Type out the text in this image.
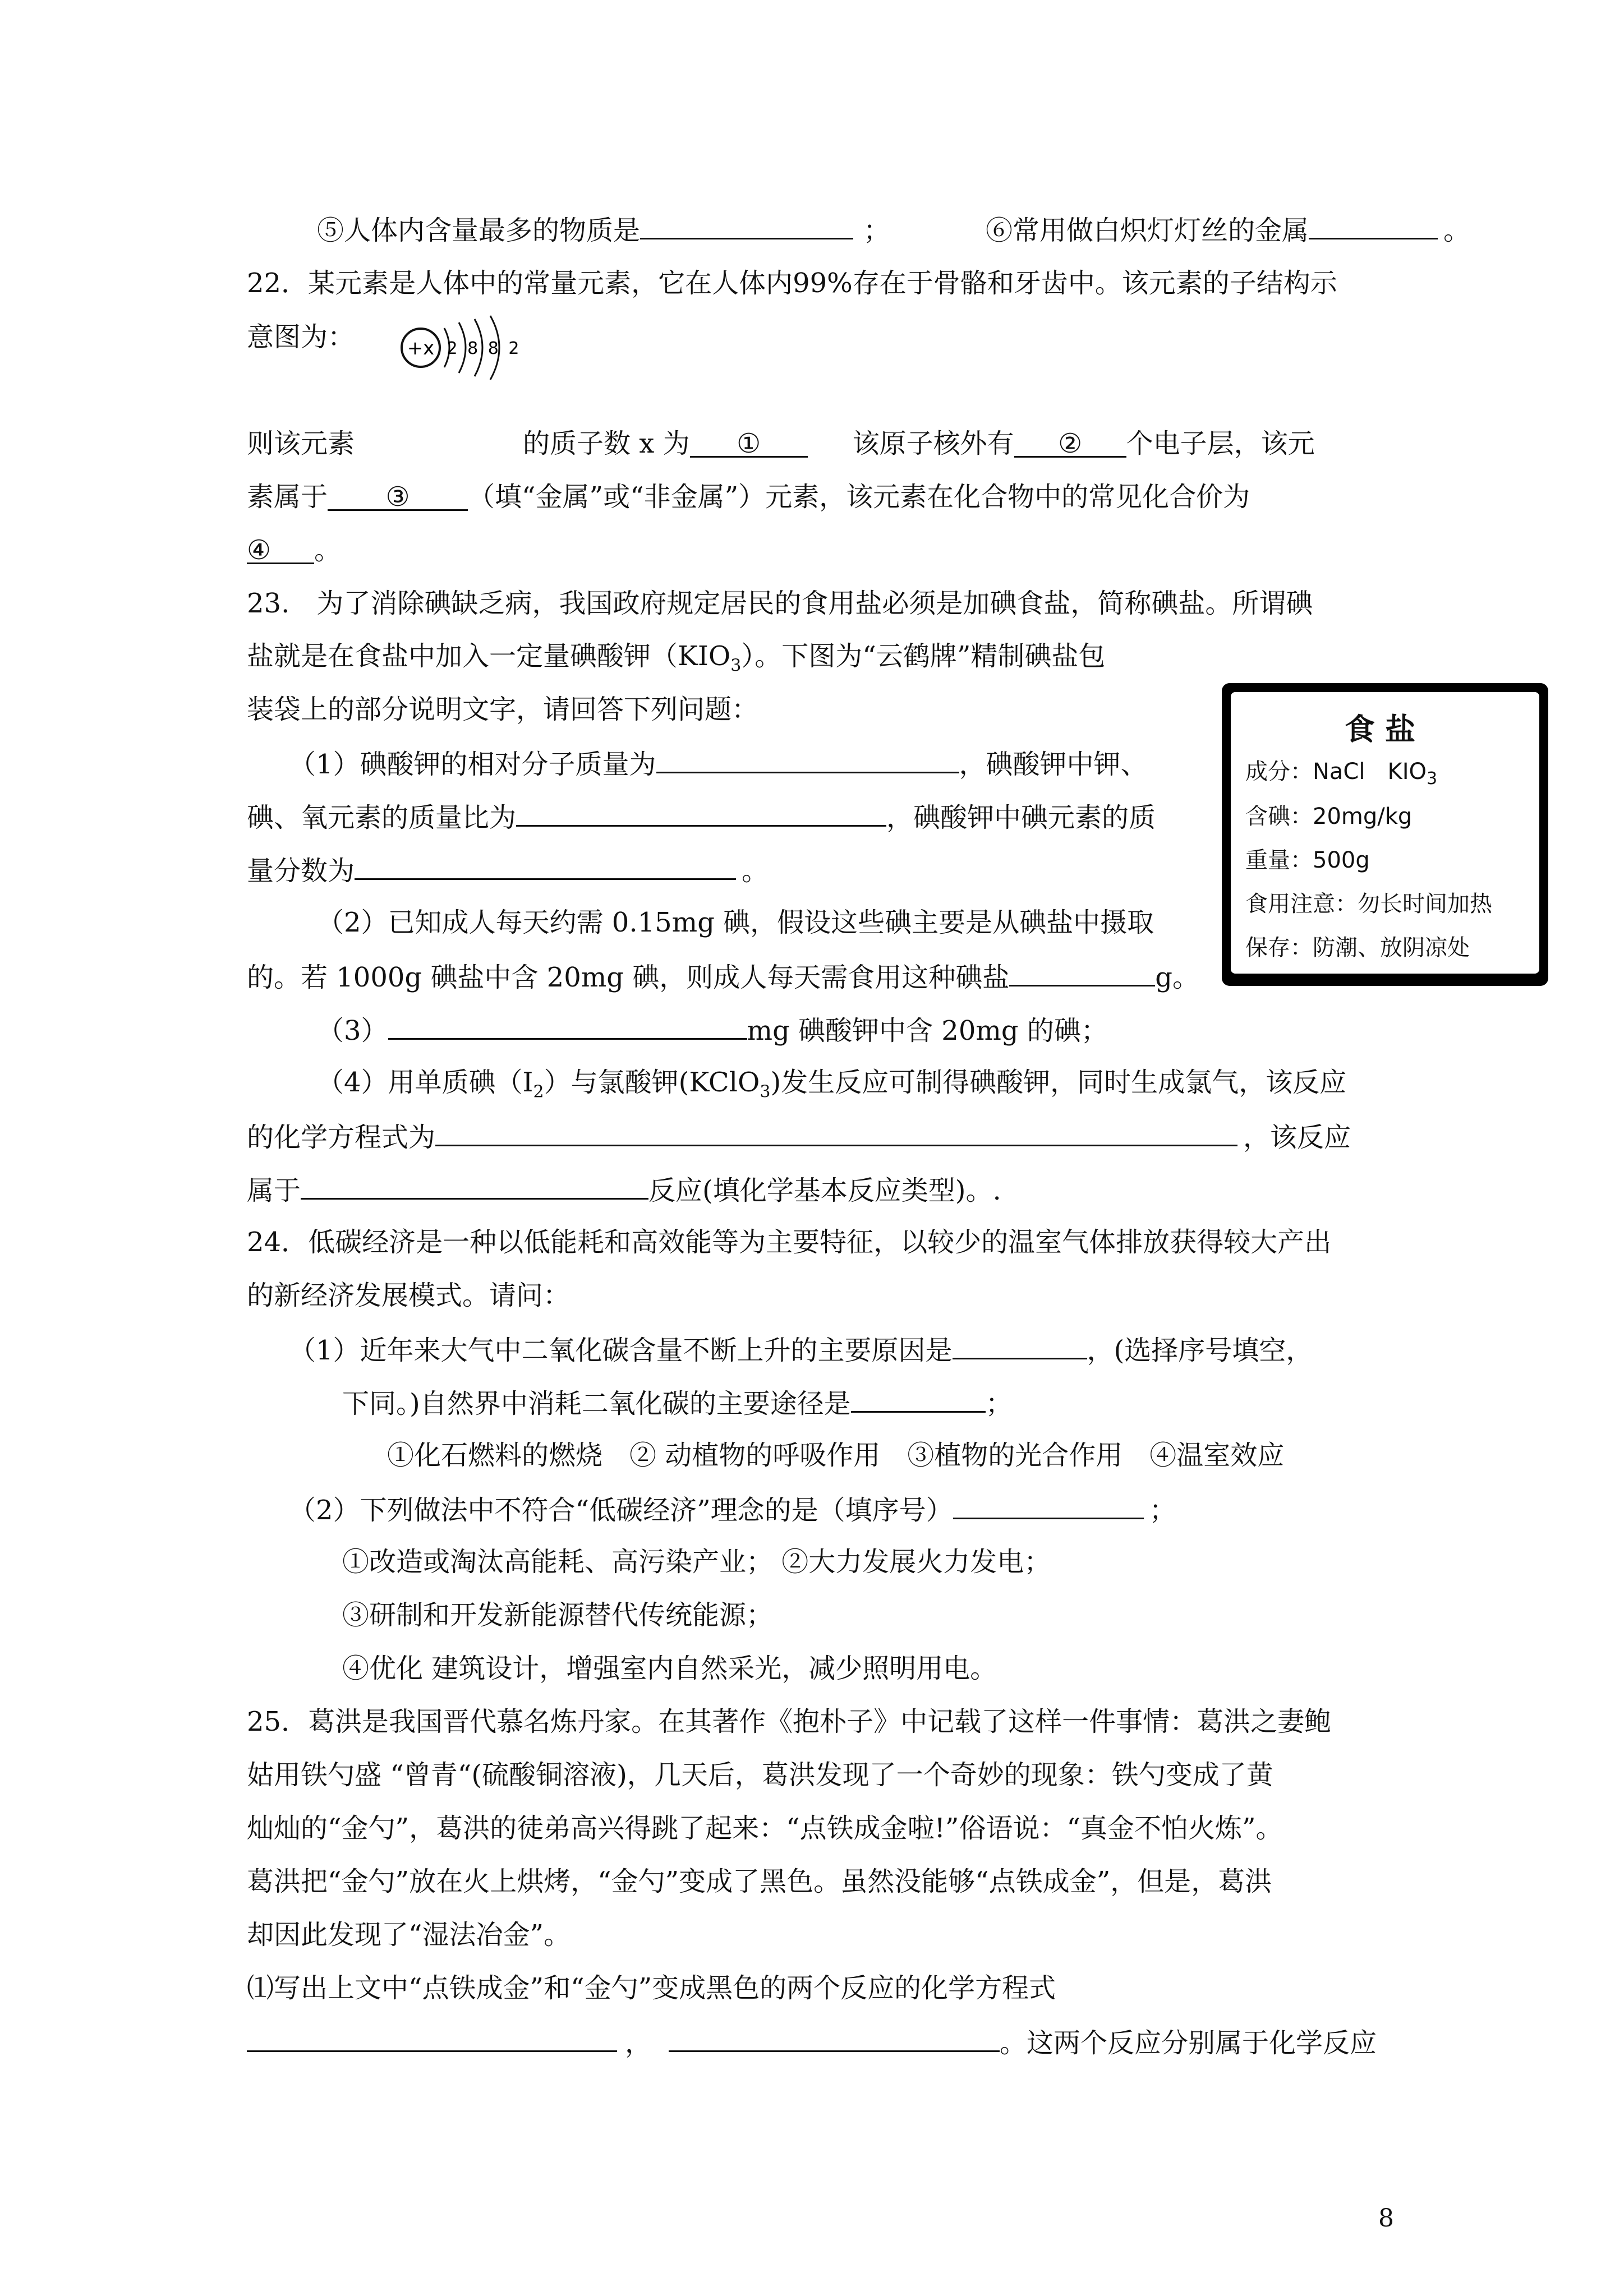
⑤人体内含量最多的物质是	；	⑥常用做白炽灯灯丝的金属	。
22．某元素是人体中的常量元素，它在人体内99%存在于骨骼和牙齿中。该元素的子结构示
意图为：	+x 2 8 8 2
则该元素	的质子数 x 为 ①	该原子核外有 ② 个电子层，该元
素属于 ③ （填“金属”或“非金属”）元素，该元素在化合物中的常见化合价为
④ 。
23.　为了消除碘缺乏病，我国政府规定居民的食用盐必须是加碘食盐，简称碘盐。所谓碘
盐就是在食盐中加入一定量碘酸钾$(KIO_3)$。下图为“云鹤牌”精制碘盐包
装袋上的部分说明文字，请回答下列问题：
（1）碘酸钾的相对分子质量为	，碘酸钾中钾、
碘、氧元素的质量比为	，碘酸钾中碘元素的质
量分数为	。
（2）已知成人每天约需 0.15mg 碘，假设这些碘主要是从碘盐中摄取
的。若 1000g 碘盐中含 20mg 碘，则成人每天需食用这种碘盐	g。
（3）	mg 碘酸钾中含 20mg 的碘；
（4）用单质碘$(I_2)$与氯酸钾(KClO$_3$)发生反应可制得碘酸钾，同时生成氯气，该反应
的化学方程式为	，该反应
属于	反应(填化学基本反应类型)。.
食盐
成分：NaCl　$KIO_3$
含碘：20mg/kg
重量：500g
食用注意：勿长时间加热
保存：防潮、放阴凉处
24．低碳经济是一种以低能耗和高效能等为主要特征，以较少的温室气体排放获得较大产出
的新经济发展模式。请问：
（1）近年来大气中二氧化碳含量不断上升的主要原因是	，(选择序号填空，
下同。)自然界中消耗二氧化碳的主要途径是	；
①化石燃料的燃烧　② 动植物的呼吸作用　③植物的光合作用　④温室效应
（2）下列做法中不符合“低碳经济”理念的是（填序号）	；
①改造或淘汰高能耗、高污染产业； ②大力发展火力发电；
③研制和开发新能源替代传统能源；
④优化 建筑设计，增强室内自然采光，减少照明用电。
25．葛洪是我国晋代慕名炼丹家。在其著作《抱朴子》中记载了这样一件事情：葛洪之妻鲍
姑用铁勺盛 “曾青“(硫酸铜溶液)，几天后，葛洪发现了一个奇妙的现象：铁勺变成了黄
灿灿的“金勺”，葛洪的徒弟高兴得跳了起来：“点铁成金啦!”俗语说：“真金不怕火炼”。
葛洪把“金勺”放在火上烘烤，“金勺”变成了黑色。虽然没能够“点铁成金”，但是，葛洪
却因此发现了“湿法冶金”。
⑴写出上文中“点铁成金”和“金勺”变成黑色的两个反应的化学方程式
，	。这两个反应分别属于化学反应
8
